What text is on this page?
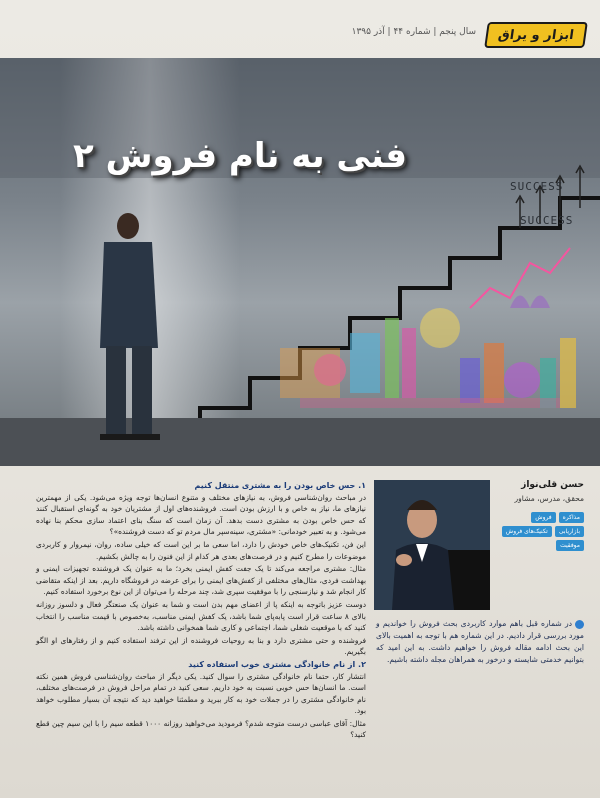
ابزار و یراق
سال پنجم | شماره ۴۴ | آذر ۱۳۹۵
SUCCESS
SUCCESS
فنی به نام فروش ۲
۱. حس خاص بودن را به مشتری منتقل کنیم

در مباحث روان‌شناسی فروش، به نیازهای مختلف و متنوع انسان‌ها توجه ویژه می‌شود. یکی از مهمترین نیازهای ما، نیاز به خاص و با ارزش بودن است. فروشنده‌های اول از مشتریان خود به گونه‌ای استقبال کنند که حس خاص بودن به مشتری دست بدهد. آن زمان است که سنگ بنای اعتماد سازی محکم بنا نهاده می‌شود. و به تعبیر خودمانی: «مشتری، سینه‌سپر مال مردم تو که دست فروشنده»؟

این فن، تکنیک‌های خاص خودش را دارد، اما سعی ما بر این است که خیلی ساده، روان، نیمروار و کاربردی موضوعات را مطرح کنیم و در فرصت‌های بعدی هر کدام از این فنون را به چالش بکشیم.

مثال: مشتری مراجعه می‌کند تا یک جفت کفش ایمنی بخرد؛ ما به عنوان یک فروشنده تجهیزات ایمنی و بهداشت فردی، مثال‌های مختلفی از کفش‌های ایمنی را برای عرضه در فروشگاه داریم. بعد از اینکه متقاضی کار انجام شد و نیازسنجی را با موفقیت سپری شد، چند مرحله را می‌توان از این نوع برخورد استفاده کنیم.

دوست عزیز باتوجه به اینکه پا از اعضای مهم بدن است و شما به عنوان یک صنعتگر فعال و دلسوز روزانه بالای ۸ ساعت قرار است پابه‌پای شما باشد، یک کفش ایمنی مناسب، به‌خصوص با قیمت مناسب را انتخاب کنید که با موقعیت شغلی شما، اجتماعی و کاری شما همخوانی داشته باشد.

فروشنده و حتی مشتری دارد و بنا به روحیات فروشنده از این ترفند استفاده کنیم و از رفتارهای او الگو بگیریم.

۲. از نام خانوادگی مشتری خوب استفاده کنید

انتشار کار، حتما نام خانوادگی مشتری را سوال کنید. یکی دیگر از مباحث روان‌شناسی فروش همین نکته است. ما انسان‌ها حس خوبی نسبت به خود داریم. سعی کنید در تمام مراحل فروش در فرصت‌های مختلف، نام خانوادگی مشتری را در جملات خود به کار ببرید و مطمئنا خواهید دید که نتیجه آن بسیار مطلوب خواهد بود.

مثال: آقای عباسی درست متوجه شدم؟ فرمودید می‌خواهید روزانه ۱۰۰۰ قطعه سیم را با این سیم چین قطع کنید؟

حسن قلی‌نواز
محقق، مدرس، مشاور
فروش	مذاکره
تکنیک‌های فروش	بازاریابی
موفقیت
در شماره قبل باهم موارد کاربردی بحث فروش را خواندیم و مورد بررسی قرار دادیم. در این شماره هم با توجه به اهمیت بالای این بحث ادامه مقاله فروش را خواهیم داشت. به این امید که بتوانیم خدمتی شایسته و درخور به همراهان مجله داشته باشیم.
